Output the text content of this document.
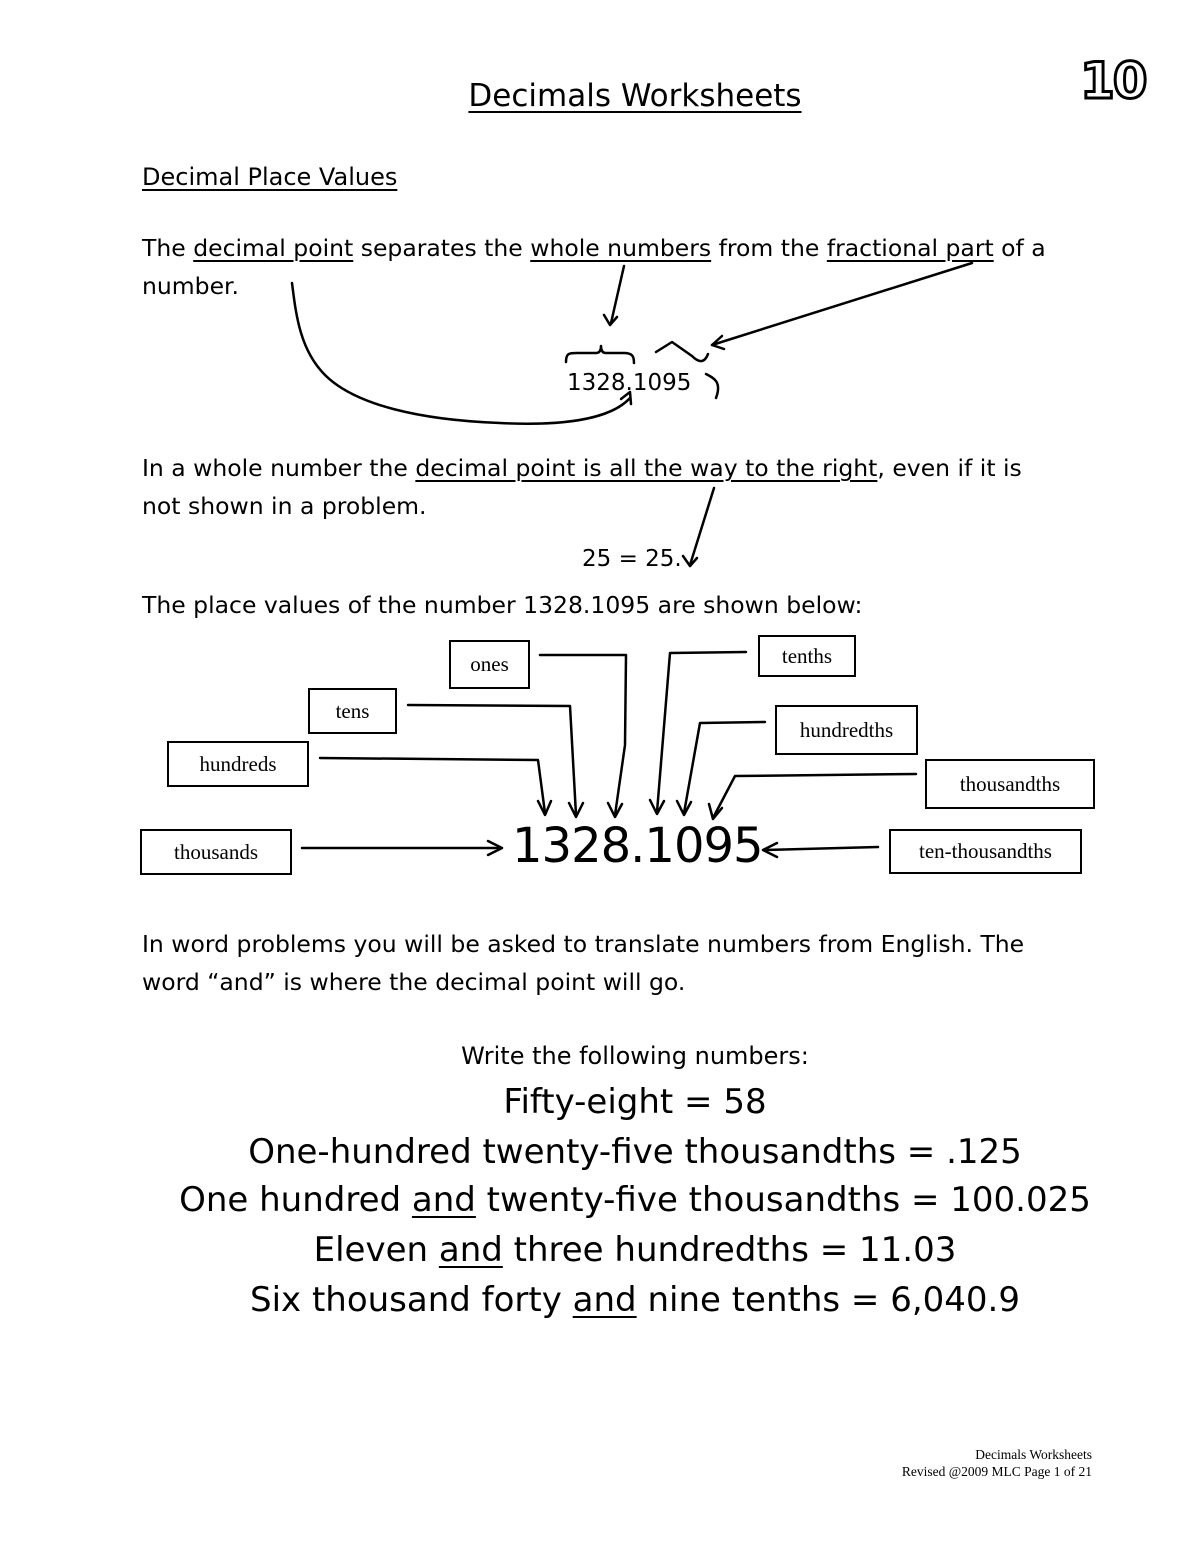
10
Decimals Worksheets
Decimal Place Values
The decimal point separates the whole numbers from the fractional part of a
number.
1328.1095
In a whole number the decimal point is all the way to the right, even if it is
not shown in a problem.
25 = 25.
The place values of the number 1328.1095 are shown below:
ones
tens
hundreds
thousands
tenths
hundredths
thousandths
ten-thousandths
1328.1095
In word problems you will be asked to translate numbers from English. The
word “and” is where the decimal point will go.
Write the following numbers:
Fifty-eight = 58
One-hundred twenty-five thousandths = .125
One hundred and twenty-five thousandths = 100.025
Eleven and three hundredths = 11.03
Six thousand forty and nine tenths = 6,040.9
Decimals Worksheets
Revised @2009 MLC Page 1 of 21
